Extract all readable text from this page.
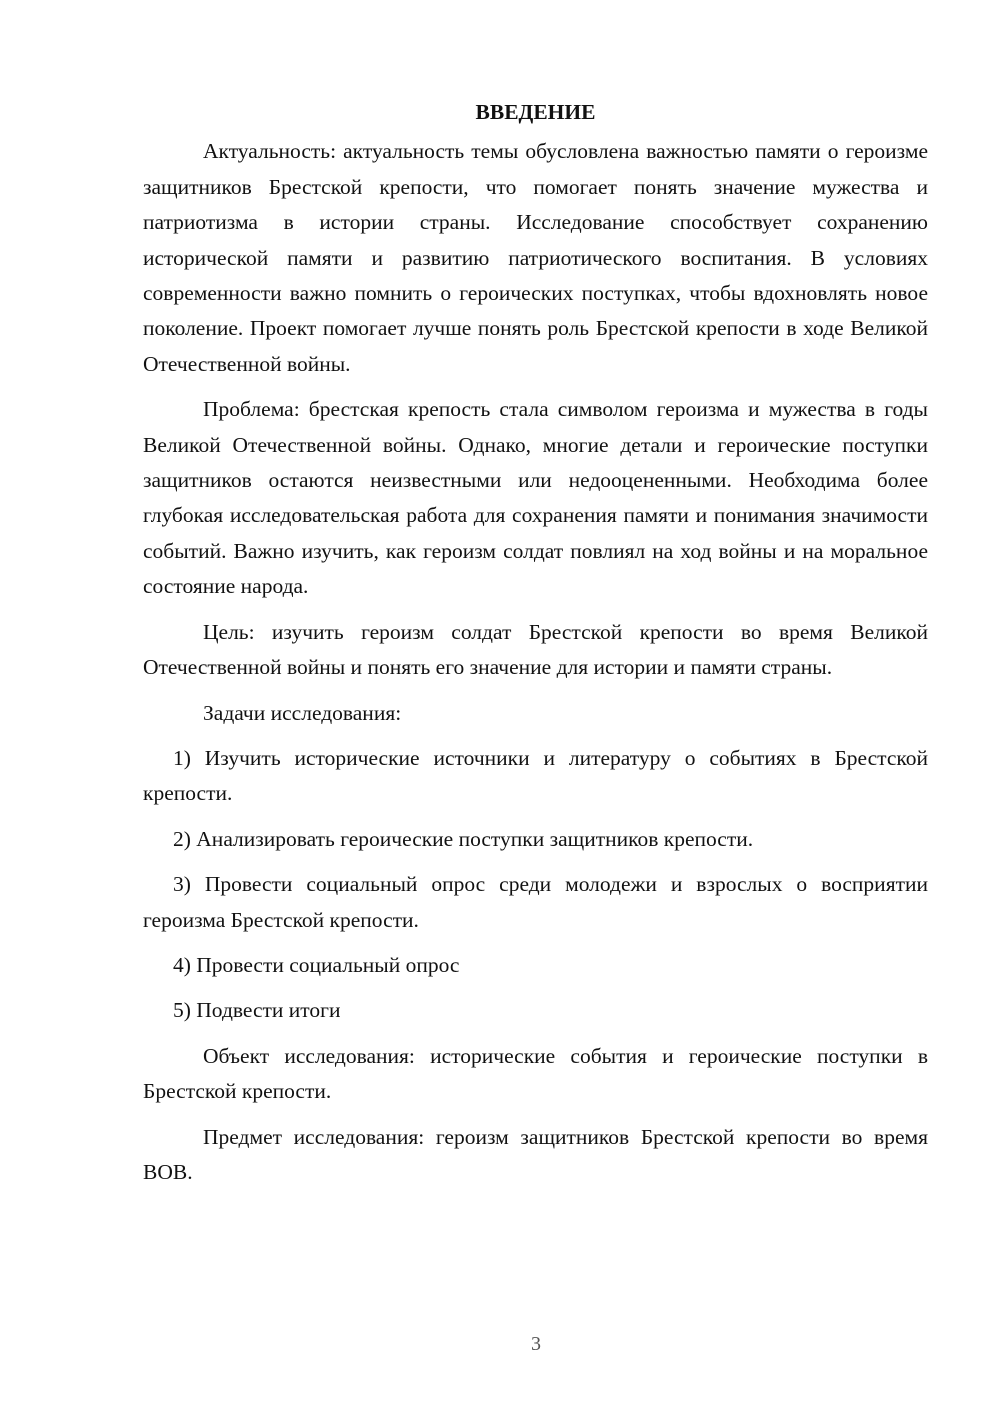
ВВЕДЕНИЕ

Актуальность: актуальность темы обусловлена важностью памяти о героизме защитников Брестской крепости, что помогает понять значение мужества и патриотизма в истории страны. Исследование способствует сохранению исторической памяти и развитию патриотического воспитания. В условиях современности важно помнить о героических поступках, чтобы вдохновлять новое поколение. Проект помогает лучше понять роль Брестской крепости в ходе Великой Отечественной войны.

Проблема: брестская крепость стала символом героизма и мужества в годы Великой Отечественной войны. Однако, многие детали и героические поступки защитников остаются неизвестными или недооцененными. Необходима более глубокая исследовательская работа для сохранения памяти и понимания значимости событий. Важно изучить, как героизм солдат повлиял на ход войны и на моральное состояние народа.

Цель: изучить героизм солдат Брестской крепости во время Великой Отечественной войны и понять его значение для истории и памяти страны.

Задачи исследования:

1) Изучить исторические источники и литературу о событиях в Брестской крепости.

2) Анализировать героические поступки защитников крепости.

3) Провести социальный опрос среди молодежи и взрослых о восприятии героизма Брестской крепости.

4) Провести социальный опрос

5) Подвести итоги

Объект исследования: исторические события и героические поступки в Брестской крепости.

Предмет исследования: героизм защитников Брестской крепости во время ВОВ.

3
